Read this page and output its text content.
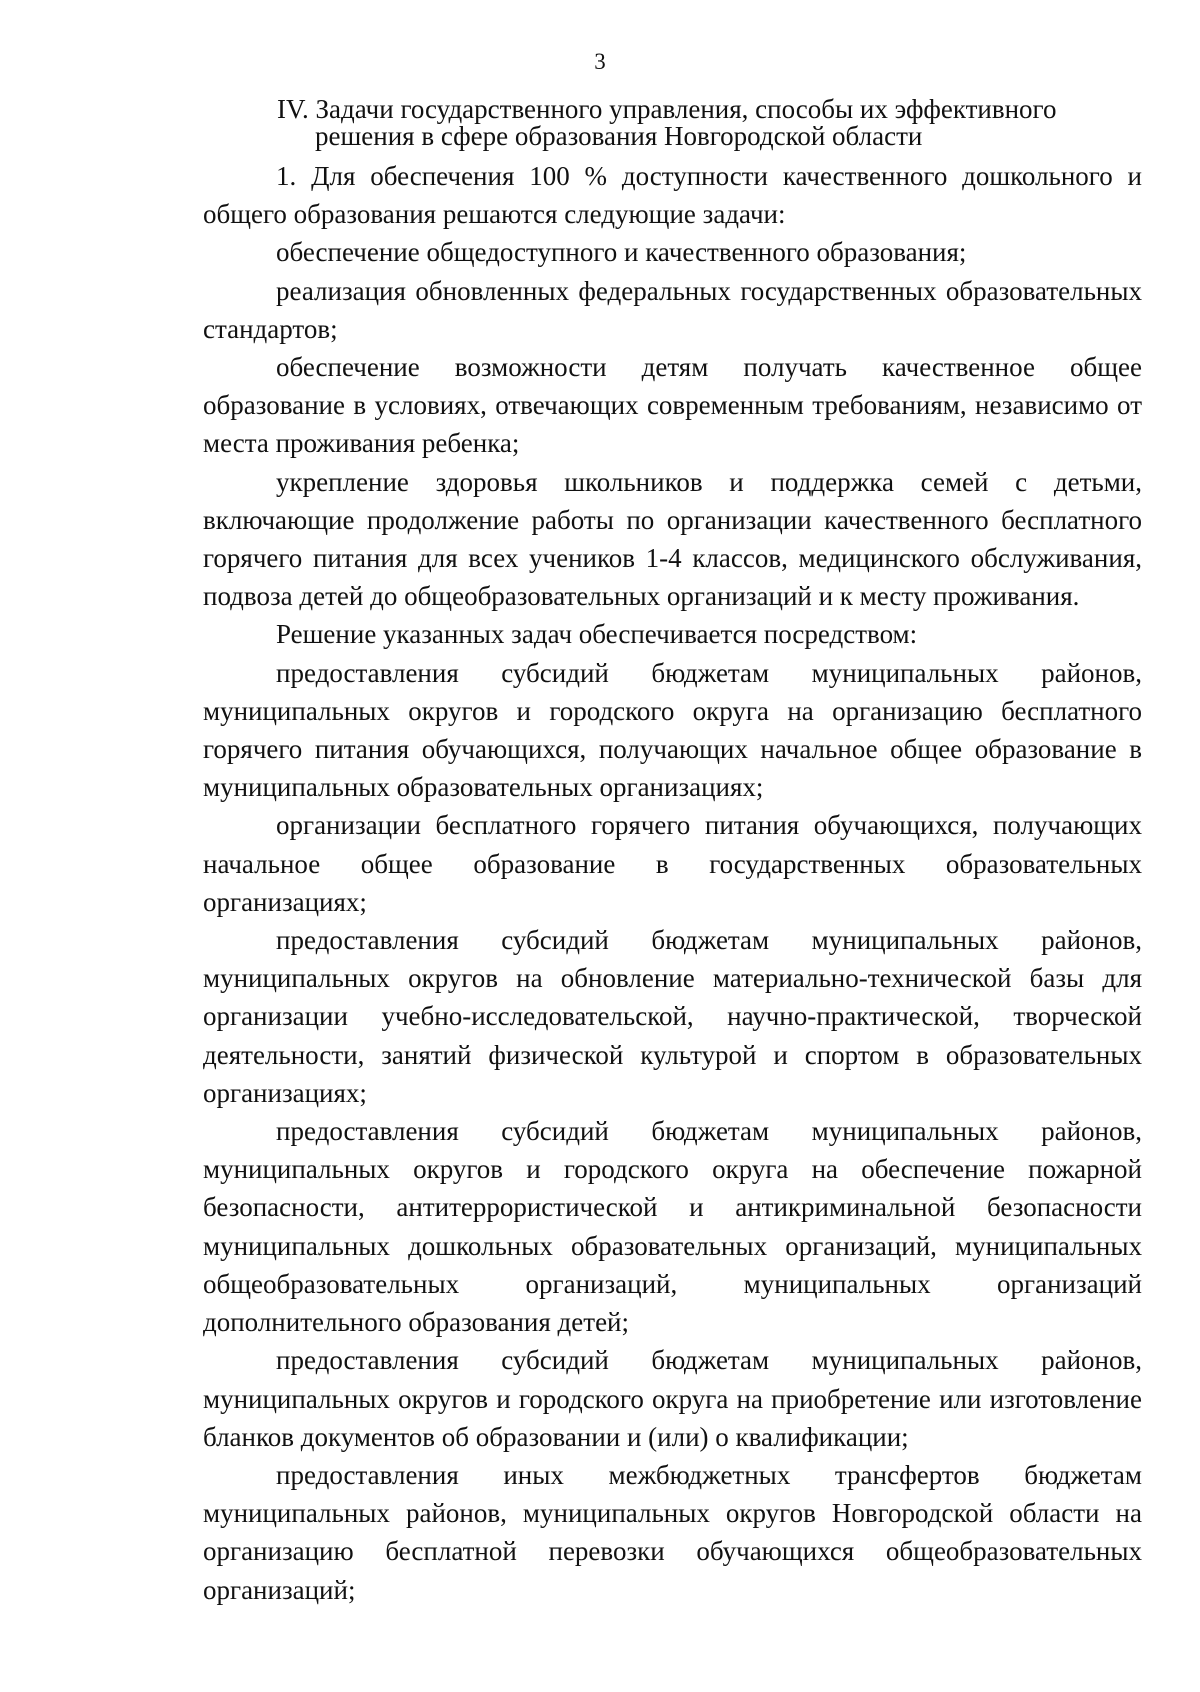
3
IV. Задачи государственного управления, способы их эффективного
решения в сфере образования Новгородской области

1. Для обеспечения 100 % доступности качественного дошкольного и общего образования решаются следующие задачи:

обеспечение общедоступного и качественного образования;

реализация обновленных федеральных государственных образовательных стандартов;

обеспечение возможности детям получать качественное общее образование в условиях, отвечающих современным требованиям, независимо от места проживания ребенка;

укрепление здоровья школьников и поддержка семей с детьми, включающие продолжение работы по организации качественного бесплатного горячего питания для всех учеников 1-4 классов, медицинского обслуживания, подвоза детей до общеобразовательных организаций и к месту проживания.

Решение указанных задач обеспечивается посредством:

предоставления субсидий бюджетам муниципальных районов, муниципальных округов и городского округа на организацию бесплатного горячего питания обучающихся, получающих начальное общее образование в муниципальных образовательных организациях;

организации бесплатного горячего питания обучающихся, получающих начальное общее образование в государственных образовательных организациях;

предоставления субсидий бюджетам муниципальных районов, муниципальных округов на обновление материально-технической базы для организации учебно-исследовательской, научно-практической, творческой деятельности, занятий физической культурой и спортом в образовательных организациях;

предоставления субсидий бюджетам муниципальных районов, муниципальных округов и городского округа на обеспечение пожарной безопасности, антитеррористической и антикриминальной безопасности муниципальных дошкольных образовательных организаций, муниципальных общеобразовательных организаций, муниципальных организаций дополнительного образования детей;

предоставления субсидий бюджетам муниципальных районов, муниципальных округов и городского округа на приобретение или изготовление бланков документов об образовании и (или) о квалификации;

предоставления иных межбюджетных трансфертов бюджетам муниципальных районов, муниципальных округов Новгородской области на организацию бесплатной перевозки обучающихся общеобразовательных организаций;
